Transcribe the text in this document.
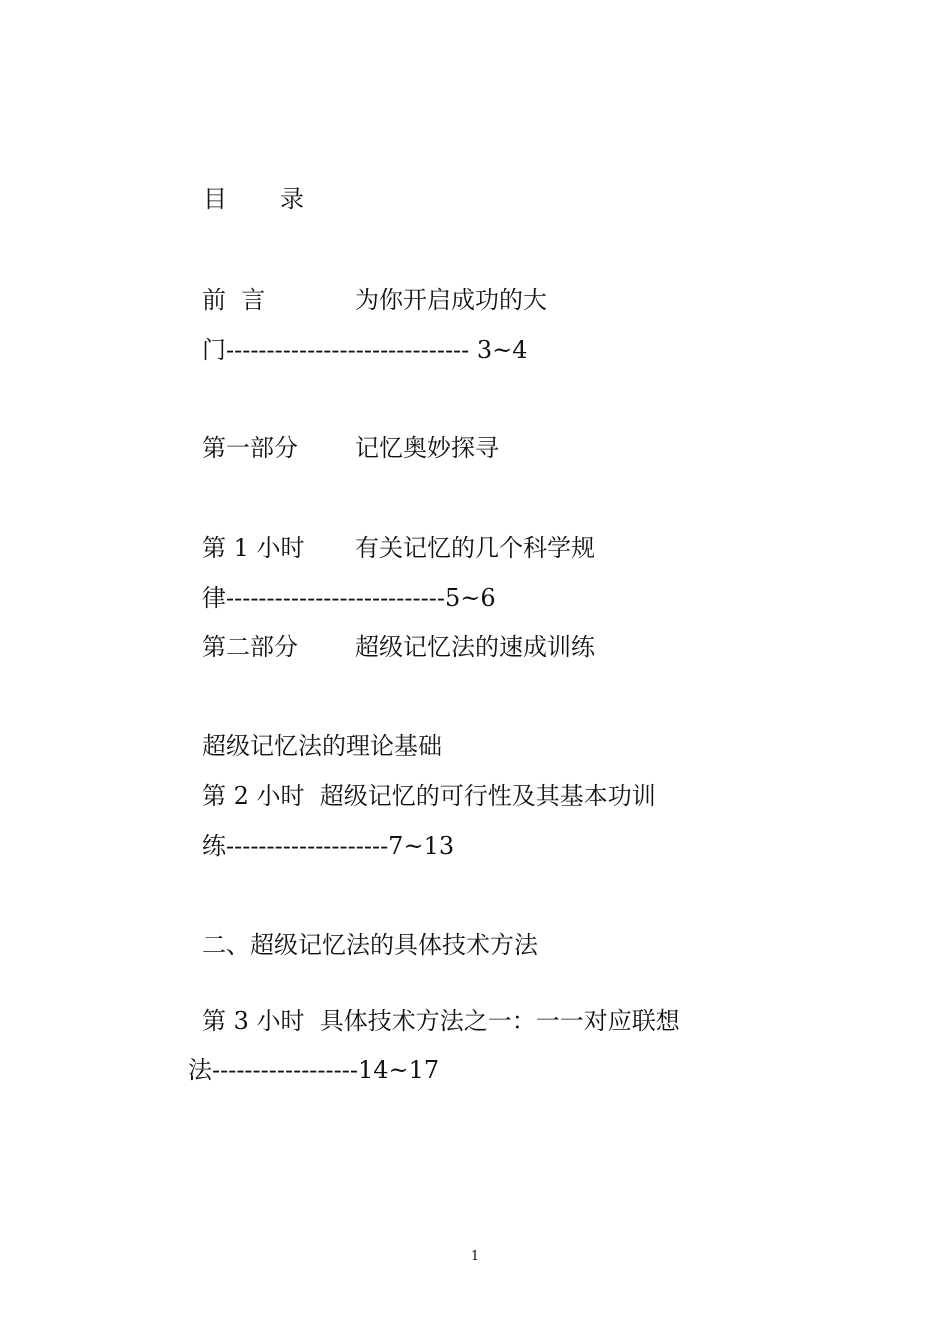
目 录
前  言	为你开启成功的大
门------------------------------ 3~4
第一部分 记忆奥妙探寻
第 1 小时 有关记忆的几个科学规
律---------------------------5~6
第二部分 超级记忆法的速成训练
超级记忆法的理论基础
第 2 小时  超级记忆的可行性及其基本功训
练--------------------7~13
二、超级记忆法的具体技术方法
第 3 小时  具体技术方法之一：一一对应联想
法------------------14~17
1
